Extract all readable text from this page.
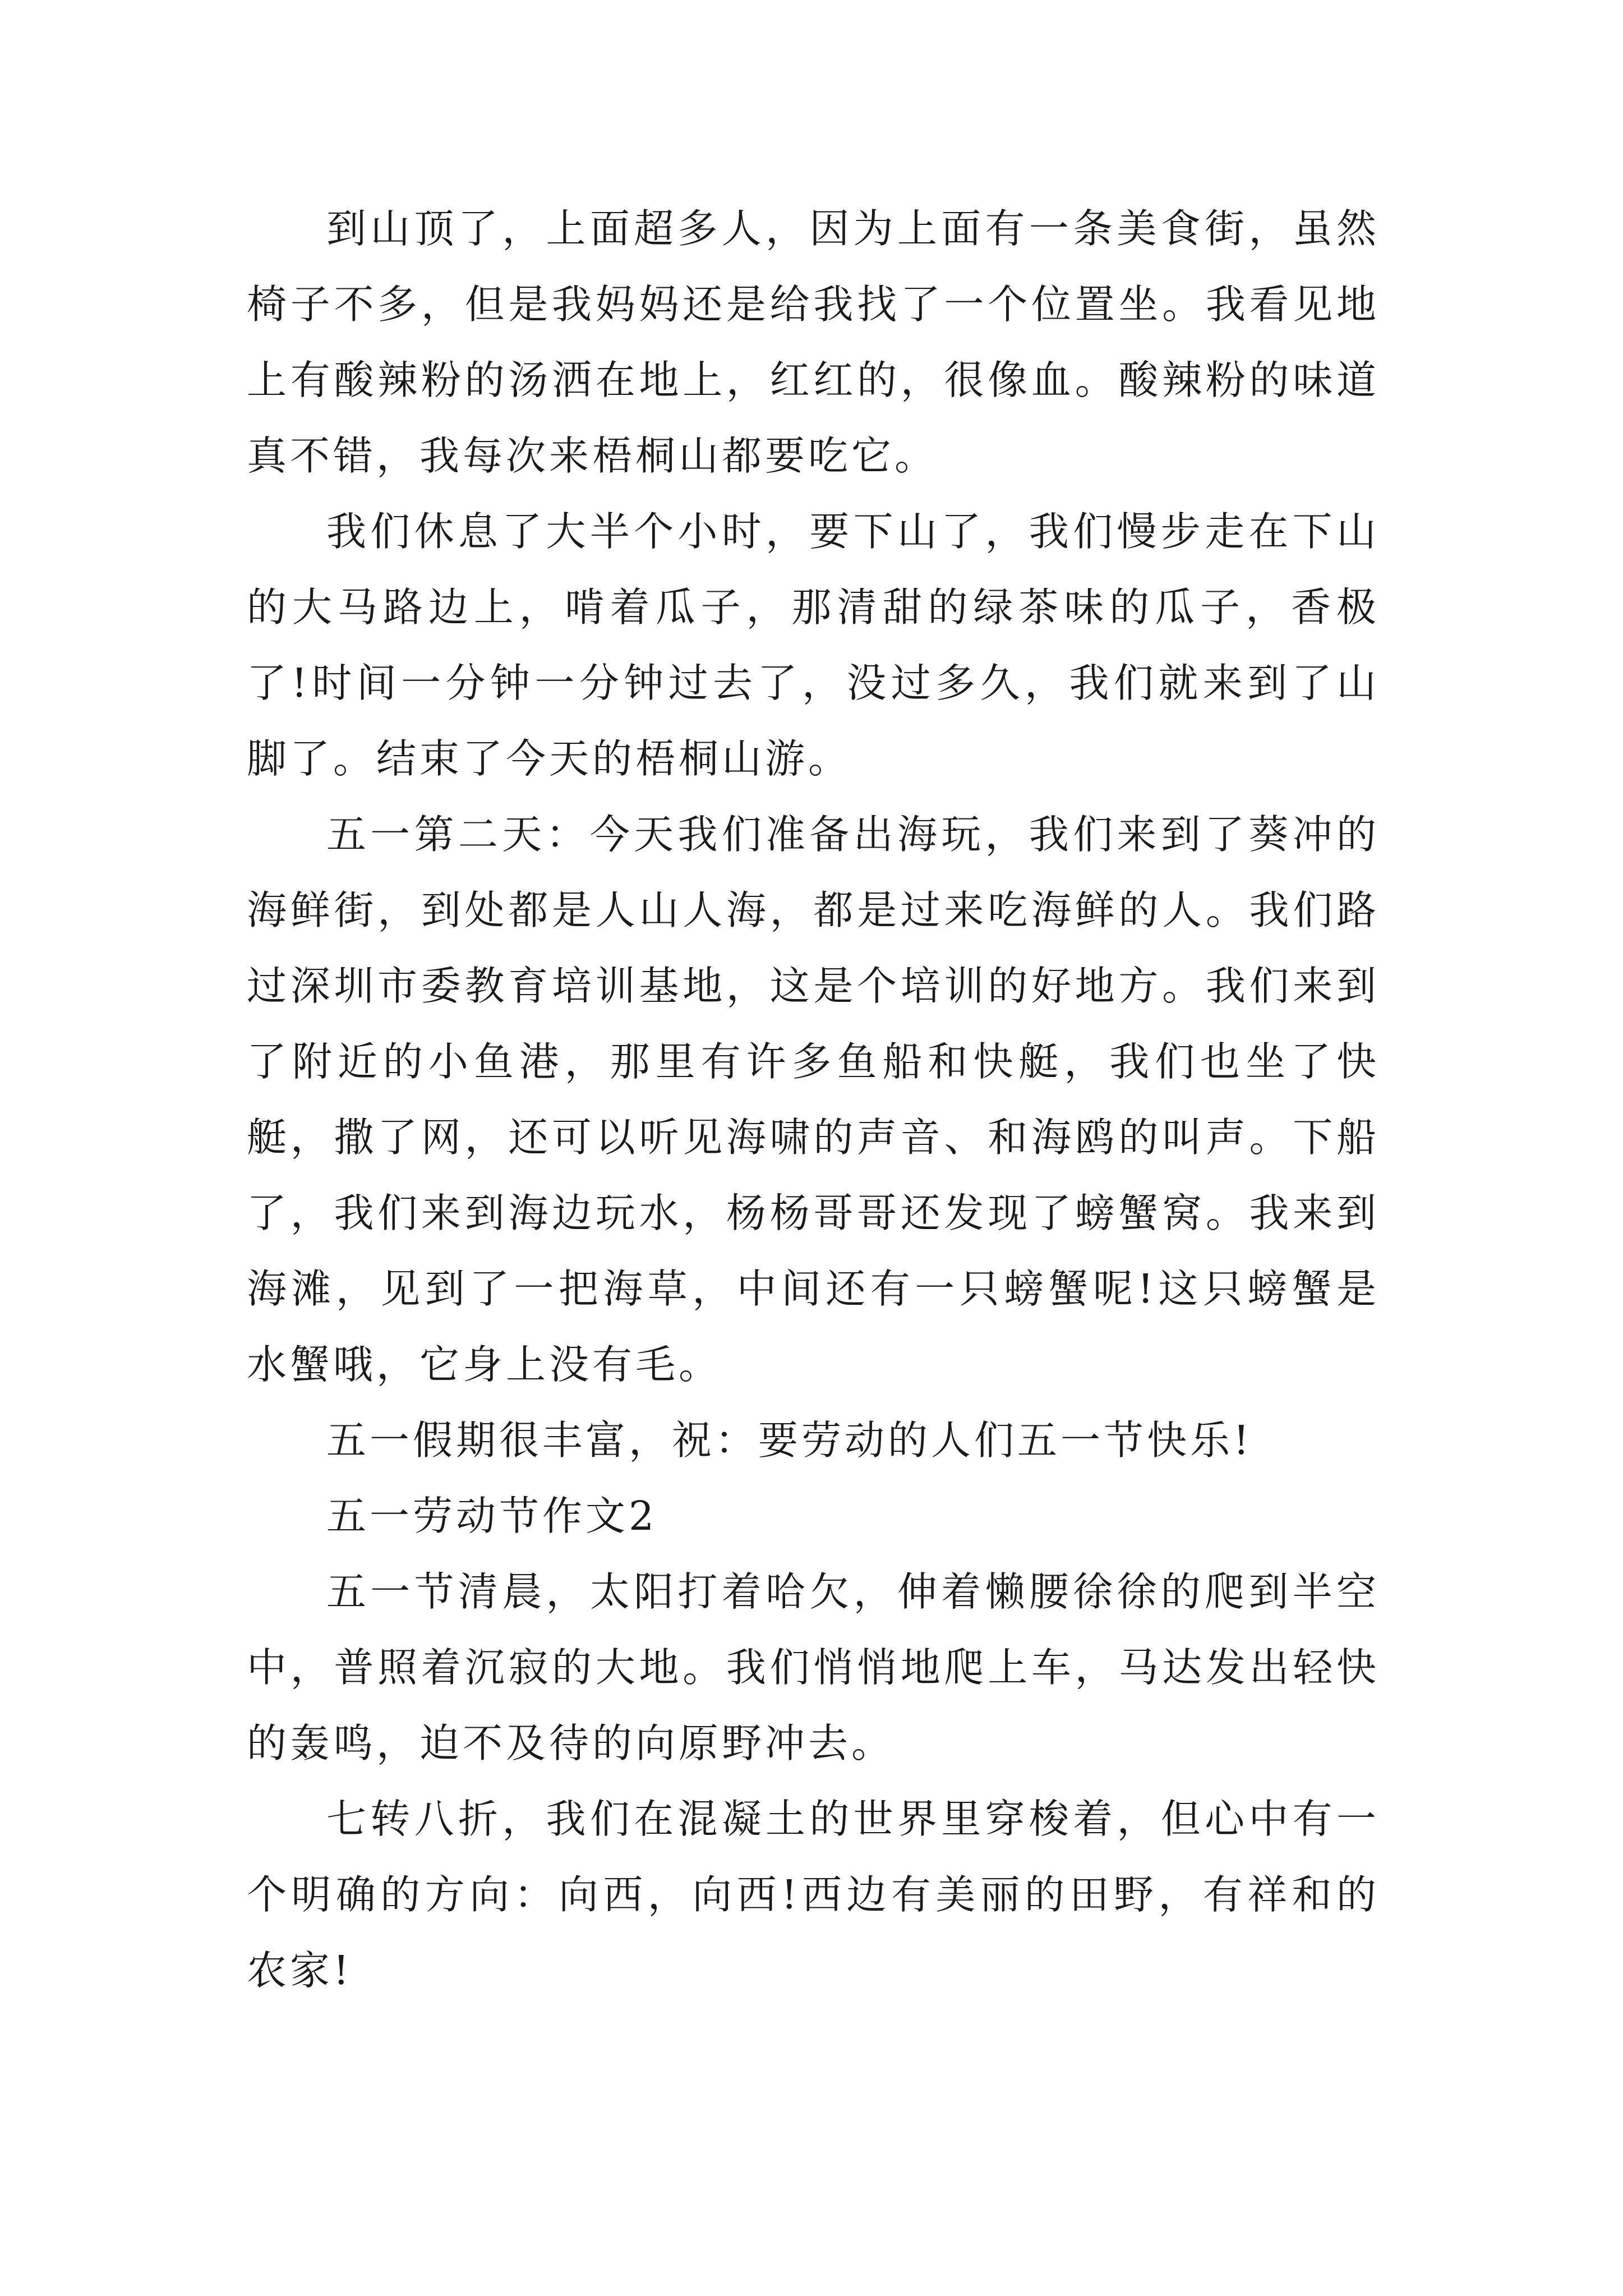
到山顶了，上面超多人，因为上面有一条美食街，虽然椅子不多，但是我妈妈还是给我找了一个位置坐。我看见地上有酸辣粉的汤洒在地上，红红的，很像血。酸辣粉的味道真不错，我每次来梧桐山都要吃它。

我们休息了大半个小时，要下山了，我们慢步走在下山的大马路边上，啃着瓜子，那清甜的绿茶味的瓜子，香极了!时间一分钟一分钟过去了，没过多久，我们就来到了山脚了。结束了今天的梧桐山游。

五一第二天：今天我们准备出海玩，我们来到了葵冲的海鲜街，到处都是人山人海，都是过来吃海鲜的人。我们路过深圳市委教育培训基地，这是个培训的好地方。我们来到了附近的小鱼港，那里有许多鱼船和快艇，我们也坐了快艇，撒了网，还可以听见海啸的声音、和海鸥的叫声。下船了，我们来到海边玩水，杨杨哥哥还发现了螃蟹窝。我来到海滩，见到了一把海草，中间还有一只螃蟹呢!这只螃蟹是水蟹哦，它身上没有毛。

五一假期很丰富，祝：要劳动的人们五一节快乐!

五一劳动节作文2

五一节清晨，太阳打着哈欠，伸着懒腰徐徐的爬到半空中，普照着沉寂的大地。我们悄悄地爬上车，马达发出轻快的轰鸣，迫不及待的向原野冲去。

七转八折，我们在混凝土的世界里穿梭着，但心中有一个明确的方向：向西，向西!西边有美丽的田野，有祥和的农家!
